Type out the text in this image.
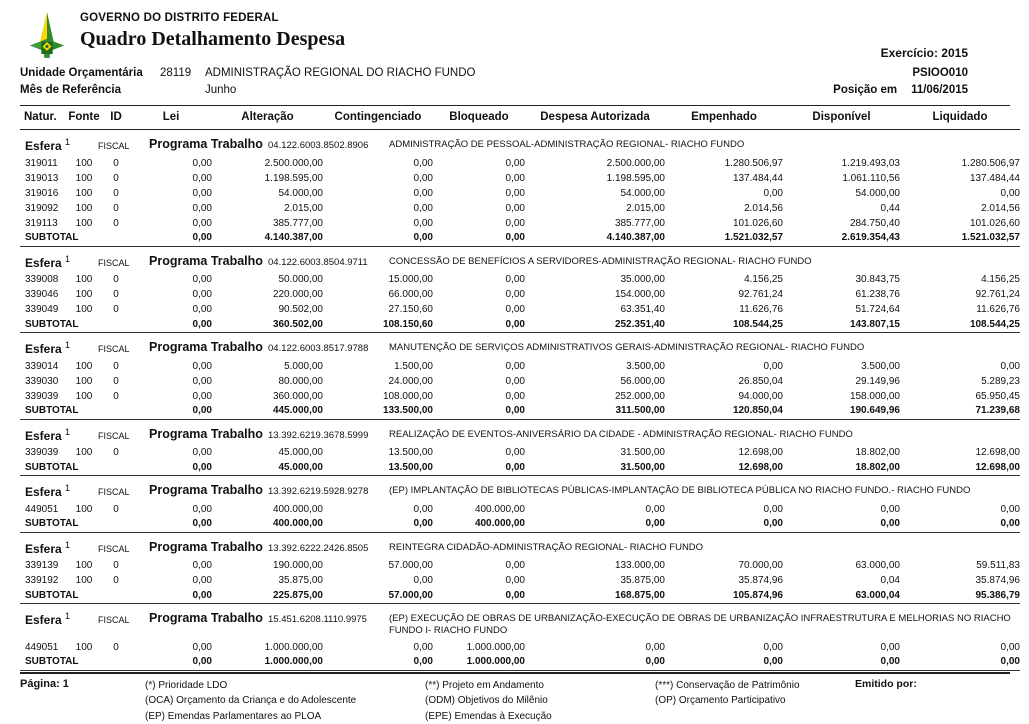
GOVERNO DO DISTRITO FEDERAL
Quadro Detalhamento Despesa
Exercício: 2015
Unidade Orçamentária	28119	ADMINISTRAÇÃO REGIONAL DO RIACHO FUNDO	PSIOO010
Mês de Referência	Junho	Posição em 11/06/2015
Natur.	Fonte	ID	Lei	Alteração	Contingenciado	Bloqueado	Despesa Autorizada	Empenhado	Disponível	Liquidado

Esfera $^1$ FISCAL Programa Trabalho 04.122.6003.8502.8906 ADMINISTRAÇÃO DE PESSOAL-ADMINISTRAÇÃO REGIONAL- RIACHO FUNDO										

319011	100	0	0,00	2.500.000,00	0,00	0,00	2.500.000,00	1.280.506,97	1.219.493,03	1.280.506,97
319013	100	0	0,00	1.198.595,00	0,00	0,00	1.198.595,00	137.484,44	1.061.110,56	137.484,44
319016	100	0	0,00	54.000,00	0,00	0,00	54.000,00	0,00	54.000,00	0,00
319092	100	0	0,00	2.015,00	0,00	0,00	2.015,00	2.014,56	0,44	2.014,56
319113	100	0	0,00	385.777,00	0,00	0,00	385.777,00	101.026,60	284.750,40	101.026,60
SUBTOTAL			0,00	4.140.387,00	0,00	0,00	4.140.387,00	1.521.032,57	2.619.354,43	1.521.032,57

Esfera $^1$ FISCAL Programa Trabalho 04.122.6003.8504.9711 CONCESSÃO DE BENEFÍCIOS A SERVIDORES-ADMINISTRAÇÃO REGIONAL- RIACHO FUNDO										

339008	100	0	0,00	50.000,00	15.000,00	0,00	35.000,00	4.156,25	30.843,75	4.156,25
339046	100	0	0,00	220.000,00	66.000,00	0,00	154.000,00	92.761,24	61.238,76	92.761,24
339049	100	0	0,00	90.502,00	27.150,60	0,00	63.351,40	11.626,76	51.724,64	11.626,76
SUBTOTAL			0,00	360.502,00	108.150,60	0,00	252.351,40	108.544,25	143.807,15	108.544,25

Esfera $^1$ FISCAL Programa Trabalho 04.122.6003.8517.9788 MANUTENÇÃO DE SERVIÇOS ADMINISTRATIVOS GERAIS-ADMINISTRAÇÃO REGIONAL- RIACHO FUNDO										

339014	100	0	0,00	5.000,00	1.500,00	0,00	3.500,00	0,00	3.500,00	0,00
339030	100	0	0,00	80.000,00	24.000,00	0,00	56.000,00	26.850,04	29.149,96	5.289,23
339039	100	0	0,00	360.000,00	108.000,00	0,00	252.000,00	94.000,00	158.000,00	65.950,45
SUBTOTAL			0,00	445.000,00	133.500,00	0,00	311.500,00	120.850,04	190.649,96	71.239,68

Esfera $^1$ FISCAL Programa Trabalho 13.392.6219.3678.5999 REALIZAÇÃO DE EVENTOS-ANIVERSÁRIO DA CIDADE - ADMINISTRAÇÃO REGIONAL- RIACHO FUNDO										

339039	100	0	0,00	45.000,00	13.500,00	0,00	31.500,00	12.698,00	18.802,00	12.698,00
SUBTOTAL			0,00	45.000,00	13.500,00	0,00	31.500,00	12.698,00	18.802,00	12.698,00

Esfera $^1$ FISCAL Programa Trabalho 13.392.6219.5928.9278 (EP) IMPLANTAÇÃO DE BIBLIOTECAS PÚBLICAS-IMPLANTAÇÃO DE BIBLIOTECA PÚBLICA NO RIACHO FUNDO.- RIACHO FUNDO										

449051	100	0	0,00	400.000,00	0,00	400.000,00	0,00	0,00	0,00	0,00
SUBTOTAL			0,00	400.000,00	0,00	400.000,00	0,00	0,00	0,00	0,00

Esfera $^1$ FISCAL Programa Trabalho 13.392.6222.2426.8505 REINTEGRA CIDADÃO-ADMINISTRAÇÃO REGIONAL- RIACHO FUNDO										

339139	100	0	0,00	190.000,00	57.000,00	0,00	133.000,00	70.000,00	63.000,00	59.511,83
339192	100	0	0,00	35.875,00	0,00	0,00	35.875,00	35.874,96	0,04	35.874,96
SUBTOTAL			0,00	225.875,00	57.000,00	0,00	168.875,00	105.874,96	63.000,04	95.386,79

Esfera $^1$ FISCAL Programa Trabalho 15.451.6208.1110.9975 (EP) EXECUÇÃO DE OBRAS DE URBANIZAÇÃO-EXECUÇÃO DE OBRAS DE URBANIZAÇÃO INFRAESTRUTURA E MELHORIAS NO RIACHO FUNDO I- RIACHO FUNDO										

449051	100	0	0,00	1.000.000,00	0,00	1.000.000,00	0,00	0,00	0,00	0,00
SUBTOTAL			0,00	1.000.000,00	0,00	1.000.000,00	0,00	0,00	0,00	0,00
Página: 1	(*) Prioridade LDO
(OCA) Orçamento da Criança e do Adolescente
(EP) Emendas Parlamentares ao PLOA
(**) Projeto em Andamento
(ODM) Objetivos do Milênio
(EPE) Emendas à Execução
(***) Conservação de Patrimônio
(OP) Orçamento Participativo
Emitido por:
